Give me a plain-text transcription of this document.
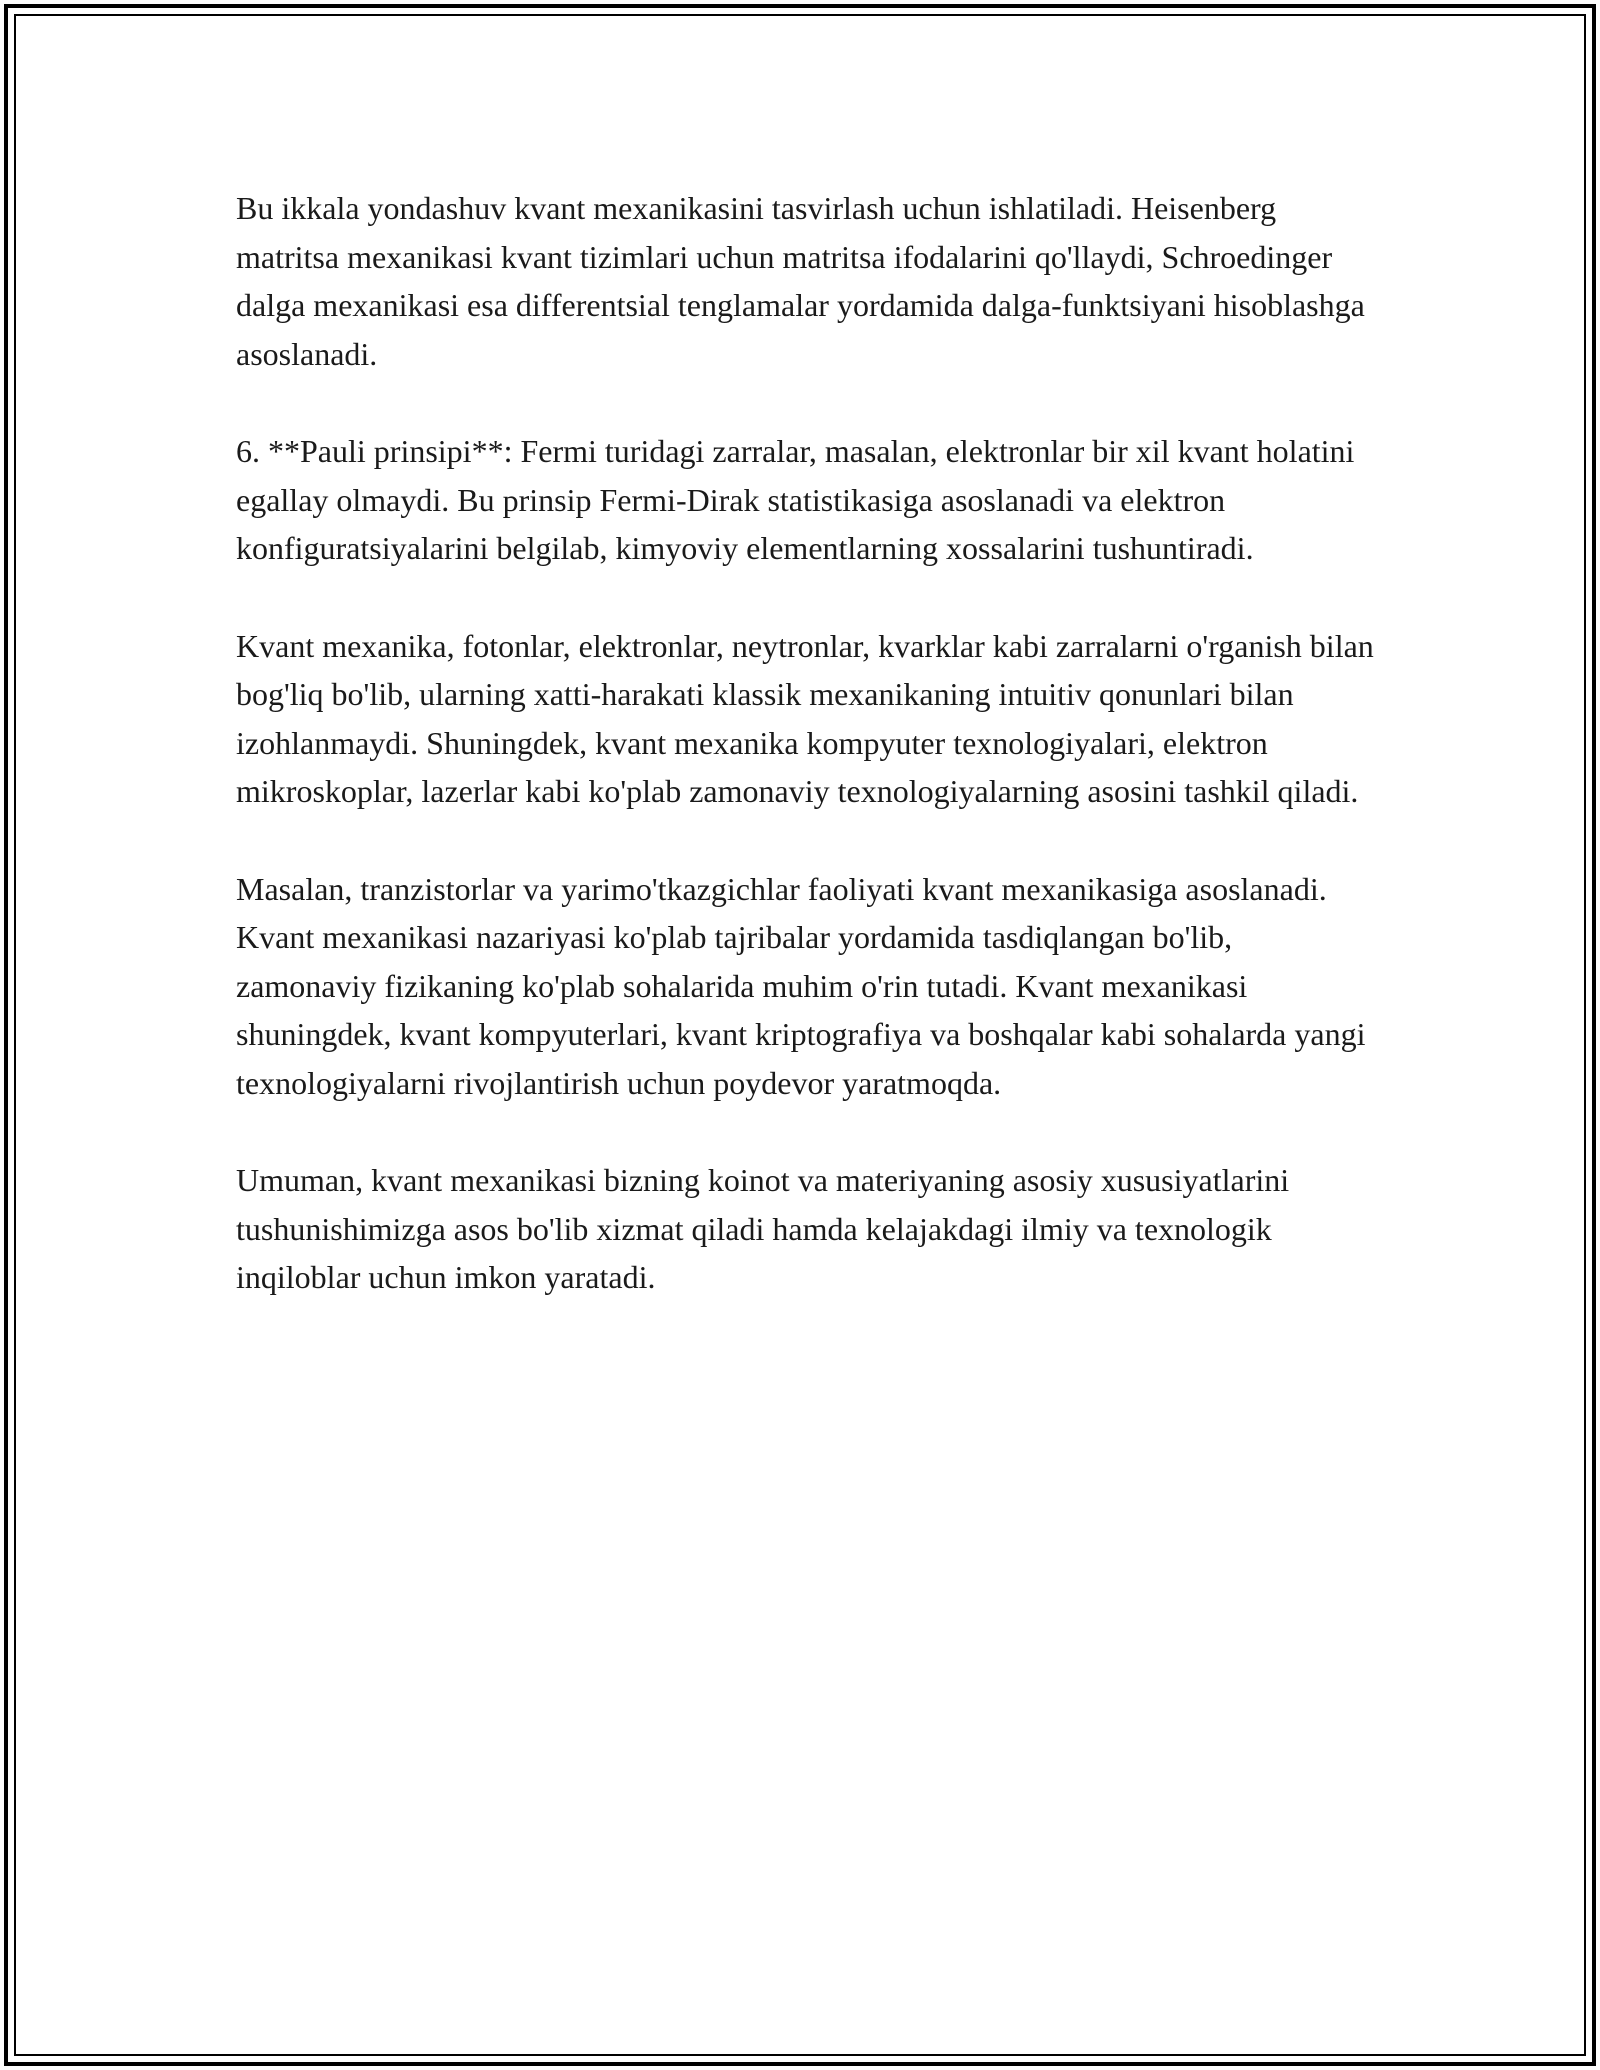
Bu ikkala yondashuv kvant mexanikasini tasvirlash uchun ishlatiladi. Heisenberg matritsa mexanikasi kvant tizimlari uchun matritsa ifodalarini qo'llaydi, Schroedinger dalga mexanikasi esa differentsial tenglamalar yordamida dalga-funktsiyani hisoblashga asoslanadi.

6. **Pauli prinsipi**: Fermi turidagi zarralar, masalan, elektronlar bir xil kvant holatini egallay olmaydi. Bu prinsip Fermi-Dirak statistikasiga asoslanadi va elektron konfiguratsiyalarini belgilab, kimyoviy elementlarning xossalarini tushuntiradi.

Kvant mexanika, fotonlar, elektronlar, neytronlar, kvarklar kabi zarralarni o'rganish bilan bog'liq bo'lib, ularning xatti-harakati klassik mexanikaning intuitiv qonunlari bilan izohlanmaydi. Shuningdek, kvant mexanika kompyuter texnologiyalari, elektron mikroskoplar, lazerlar kabi ko'plab zamonaviy texnologiyalarning asosini tashkil qiladi.

Masalan, tranzistorlar va yarimo'tkazgichlar faoliyati kvant mexanikasiga asoslanadi. Kvant mexanikasi nazariyasi ko'plab tajribalar yordamida tasdiqlangan bo'lib, zamonaviy fizikaning ko'plab sohalarida muhim o'rin tutadi. Kvant mexanikasi shuningdek, kvant kompyuterlari, kvant kriptografiya va boshqalar kabi sohalarda yangi texnologiyalarni rivojlantirish uchun poydevor yaratmoqda.

Umuman, kvant mexanikasi bizning koinot va materiyaning asosiy xususiyatlarini tushunishimizga asos bo'lib xizmat qiladi hamda kelajakdagi ilmiy va texnologik inqiloblar uchun imkon yaratadi.
